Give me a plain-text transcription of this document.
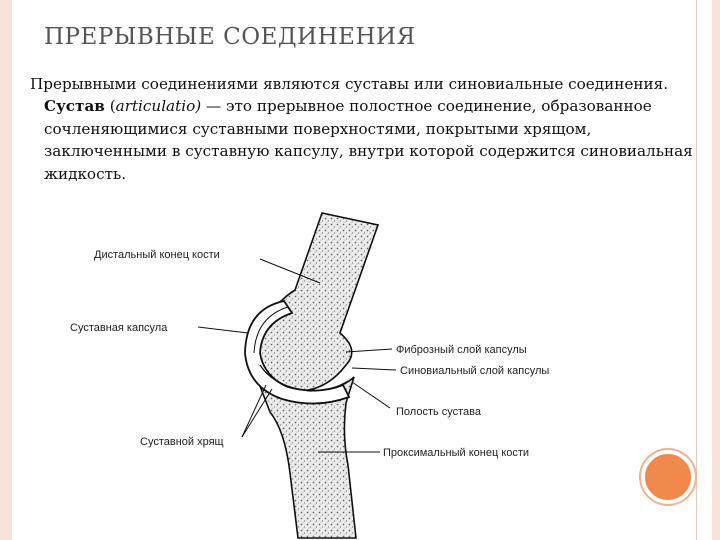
ПРЕРЫВНЫЕ СОЕДИНЕНИЯ
Прерывными соединениями являются суставы или синовиальные соединения. Сустав (articulatio) — это прерывное полостное соединение, образованное сочленяющимися суставными поверхностями, покрытыми хрящом, заключенными в суставную капсулу, внутри которой содержится синовиальная жидкость.
Дистальный конец кости
Суставная капсула
Фиброзный слой капсулы
Синовиальный слой капсулы
Полость сустава
Суставной хрящ
Проксимальный конец кости
